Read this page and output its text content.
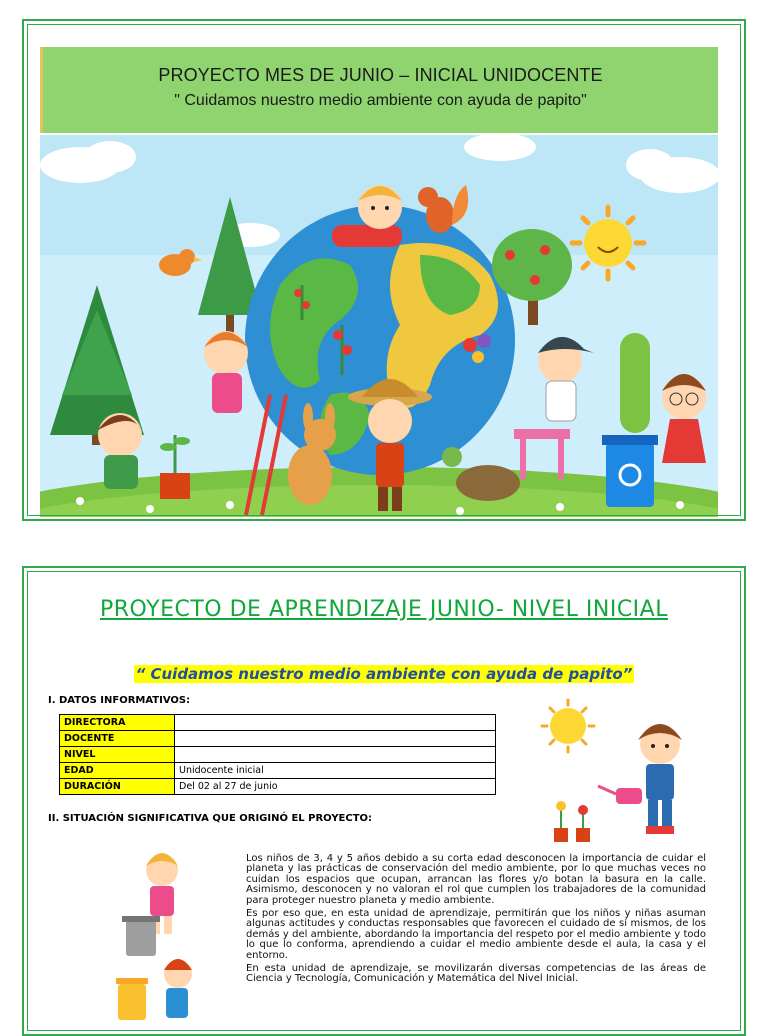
PROYECTO MES DE JUNIO – INICIAL UNIDOCENTE
" Cuidamos nuestro medio ambiente con ayuda de papito"
PROYECTO DE APRENDIZAJE JUNIO- NIVEL INICIAL
“ Cuidamos nuestro medio ambiente con ayuda de papito”
I. DATOS INFORMATIVOS:
DIRECTORA	
DOCENTE	
NIVEL	
EDAD	Unidocente inicial
DURACIÓN	Del 02 al 27 de junio
II. SITUACIÓN SIGNIFICATIVA QUE ORIGINÓ EL PROYECTO:

Los niños de 3, 4 y 5 años debido a su corta edad desconocen la importancia de cuidar el planeta y las prácticas de conservación del medio ambiente, por lo que muchas veces no cuidan los espacios que ocupan, arrancan las flores y/o botan la basura en la calle. Asimismo, desconocen y no valoran el rol que cumplen los trabajadores de la comunidad para proteger nuestro planeta y medio ambiente.

Es por eso que, en esta unidad de aprendizaje, permitirán que los niños y niñas asuman algunas actitudes y conductas responsables que favorecen el cuidado de sí mismos, de los demás y del ambiente, abordando la importancia del respeto por el medio ambiente y todo lo que lo conforma, aprendiendo a cuidar el medio ambiente desde el aula, la casa y el entorno.

En esta unidad de aprendizaje, se movilizarán diversas competencias de las áreas de Ciencia y Tecnología, Comunicación y Matemática del Nivel Inicial.
